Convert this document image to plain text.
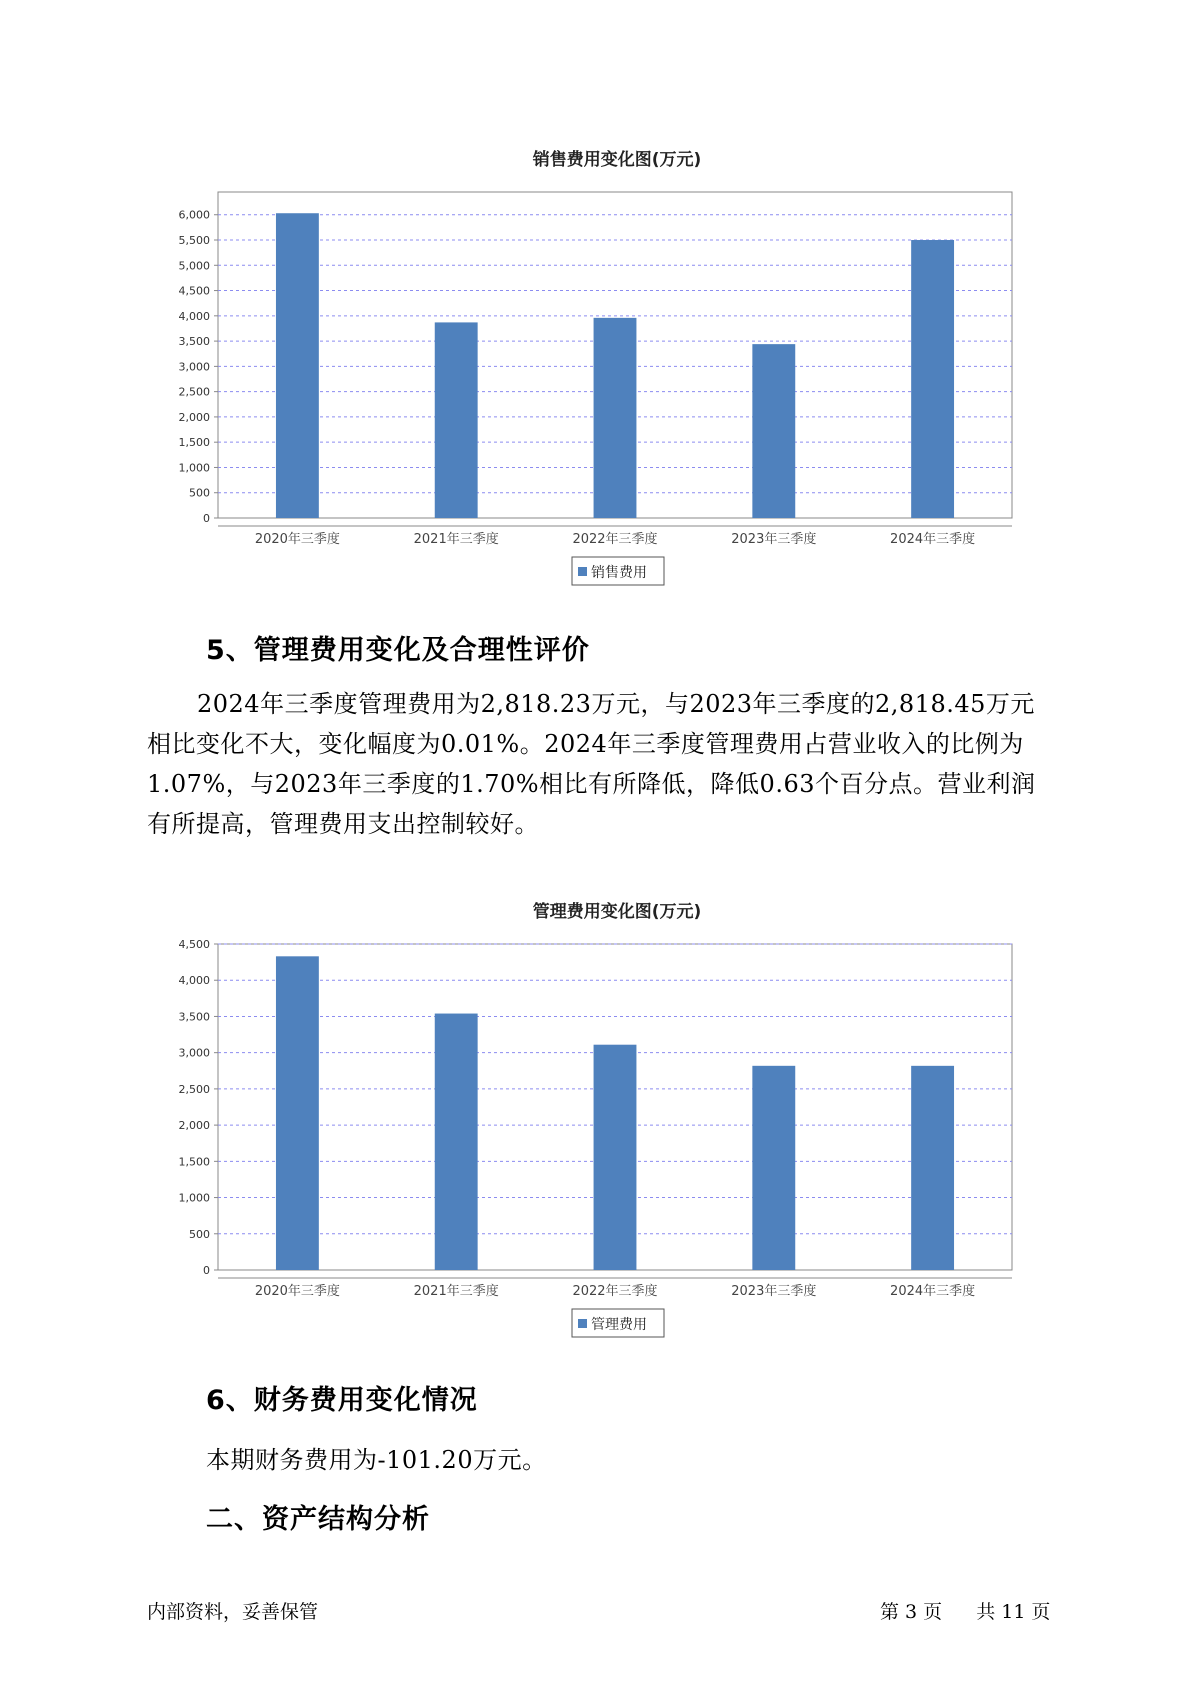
销售费用变化图(万元)
0
500
1,000
1,500
2,000
2,500
3,000
3,500
4,000
4,500
5,000
5,500
6,000
2020年三季度	2021年三季度	2022年三季度	2023年三季度	2024年三季度
销售费用
5、管理费用变化及合理性评价

2024年三季度管理费用为2,818.23万元，与2023年三季度的2,818.45万元相比变化不大，变化幅度为0.01%。2024年三季度管理费用占营业收入的比例为1.07%，与2023年三季度的1.70%相比有所降低，降低0.63个百分点。营业利润有所提高，管理费用支出控制较好。

管理费用变化图(万元)
0
500
1,000
1,500
2,000
2,500
3,000
3,500
4,000
4,500
2020年三季度	2021年三季度	2022年三季度	2023年三季度	2024年三季度
管理费用
6、财务费用变化情况

本期财务费用为-101.20万元。

二、资产结构分析
内部资料，妥善保管	第 3 页 共 11 页
